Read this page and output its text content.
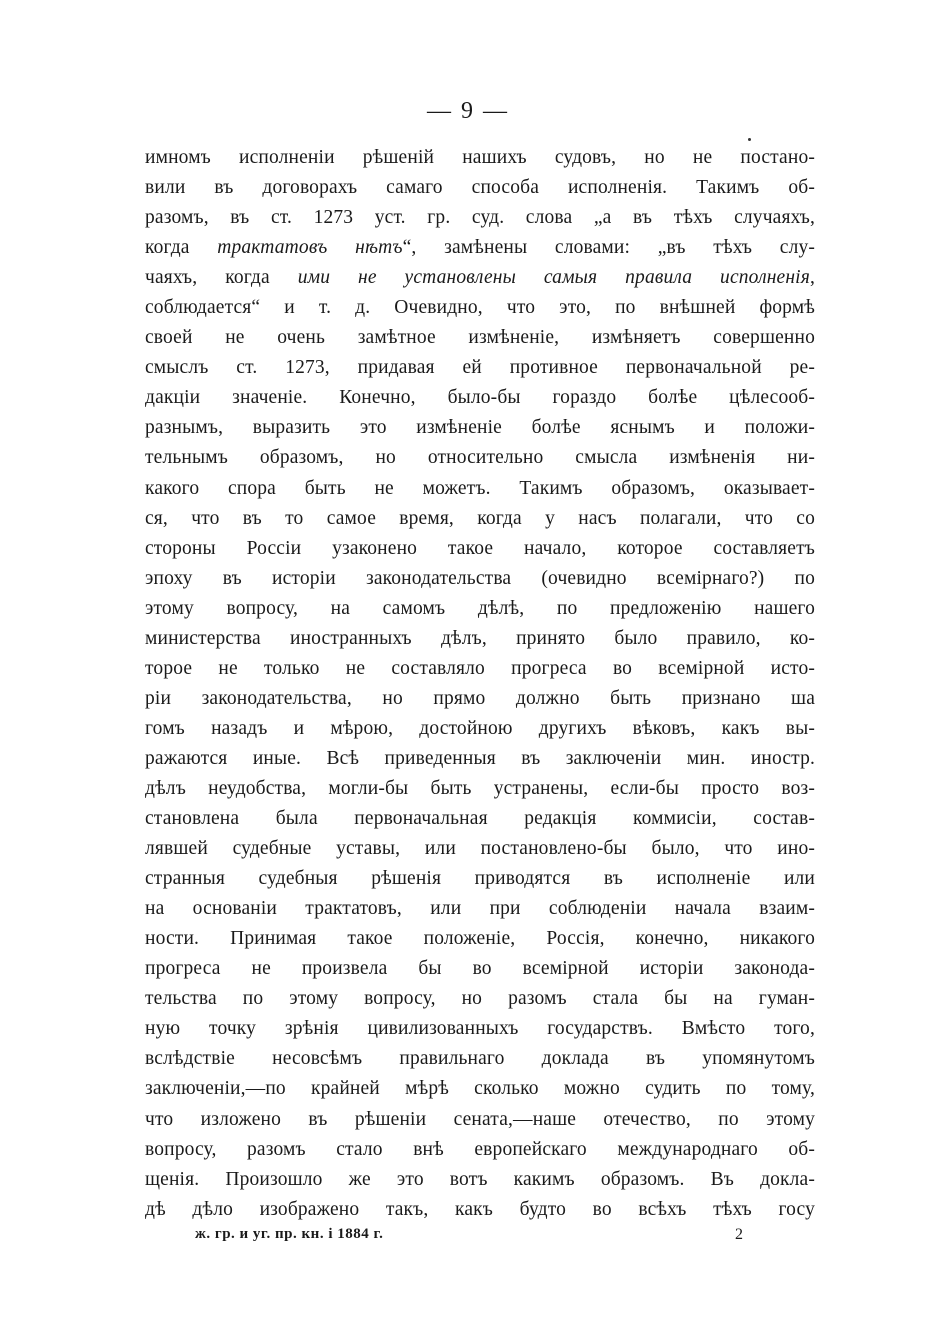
— 9 —
имномъ исполненіи рѣшеній нашихъ судовъ, но не постано-
вили въ договорахъ самаго способа исполненія. Такимъ об-
разомъ, въ ст. 1273 уст. гр. суд. слова „а въ тѣхъ случаяхъ,
когда трактатовъ нѣтъ“, замѣнены словами: „въ тѣхъ слу-
чаяхъ, когда ими не установлены самыя правила исполненія,
соблюдается“ и т. д. Очевидно, что это, по внѣшней формѣ
своей не очень замѣтное измѣненіе, измѣняетъ совершенно
смыслъ ст. 1273, придавая ей противное первоначальной ре-
дакціи значеніе. Конечно, было-бы гораздо болѣе цѣлесооб-
разнымъ, выразить это измѣненіе болѣе яснымъ и положи-
тельнымъ образомъ, но относительно смысла измѣненія ни-
какого спора быть не можетъ. Такимъ образомъ, оказывает-
ся, что въ то самое время, когда у насъ полагали, что со
стороны Россіи узаконено такое начало, которое составляетъ
эпоху въ исторіи законодательства (очевидно всемірнаго?) по
этому вопросу, на самомъ дѣлѣ, по предложенію нашего
министерства иностранныхъ дѣлъ, принято было правило, ко-
торое не только не составляло прогреса во всемірной исто-
ріи законодательства, но прямо должно быть признано ша
гомъ назадъ и мѣрою, достойною другихъ вѣковъ, какъ вы-
ражаются иные. Всѣ приведенныя въ заключеніи мин. иностр.
дѣлъ неудобства, могли-бы быть устранены, если-бы просто воз-
становлена была первоначальная редакція коммисіи, состав-
лявшей судебные уставы, или постановлено-бы было, что ино-
странныя судебныя рѣшенія приводятся въ исполненіе или
на основаніи трактатовъ, или при соблюденіи начала взаим-
ности. Принимая такое положеніе, Россія, конечно, никакого
прогреса не произвела бы во всемірной исторіи законода-
тельства по этому вопросу, но разомъ стала бы на гуман-
ную точку зрѣнія цивилизованныхъ государствъ. Вмѣсто того,
вслѣдствіе несовсѣмъ правильнаго доклада въ упомянутомъ
заключеніи,—по крайней мѣрѣ сколько можно судить по тому,
что изложено въ рѣшеніи сената,—наше отечество, по этому
вопросу, разомъ стало внѣ европейскаго международнаго об-
щенія. Произошло же это вотъ какимъ образомъ. Въ докла-
дѣ дѣло изображено такъ, какъ будто во всѣхъ тѣхъ госу
ж. гр. и уг. пр. кн. і 1884 г.	2
